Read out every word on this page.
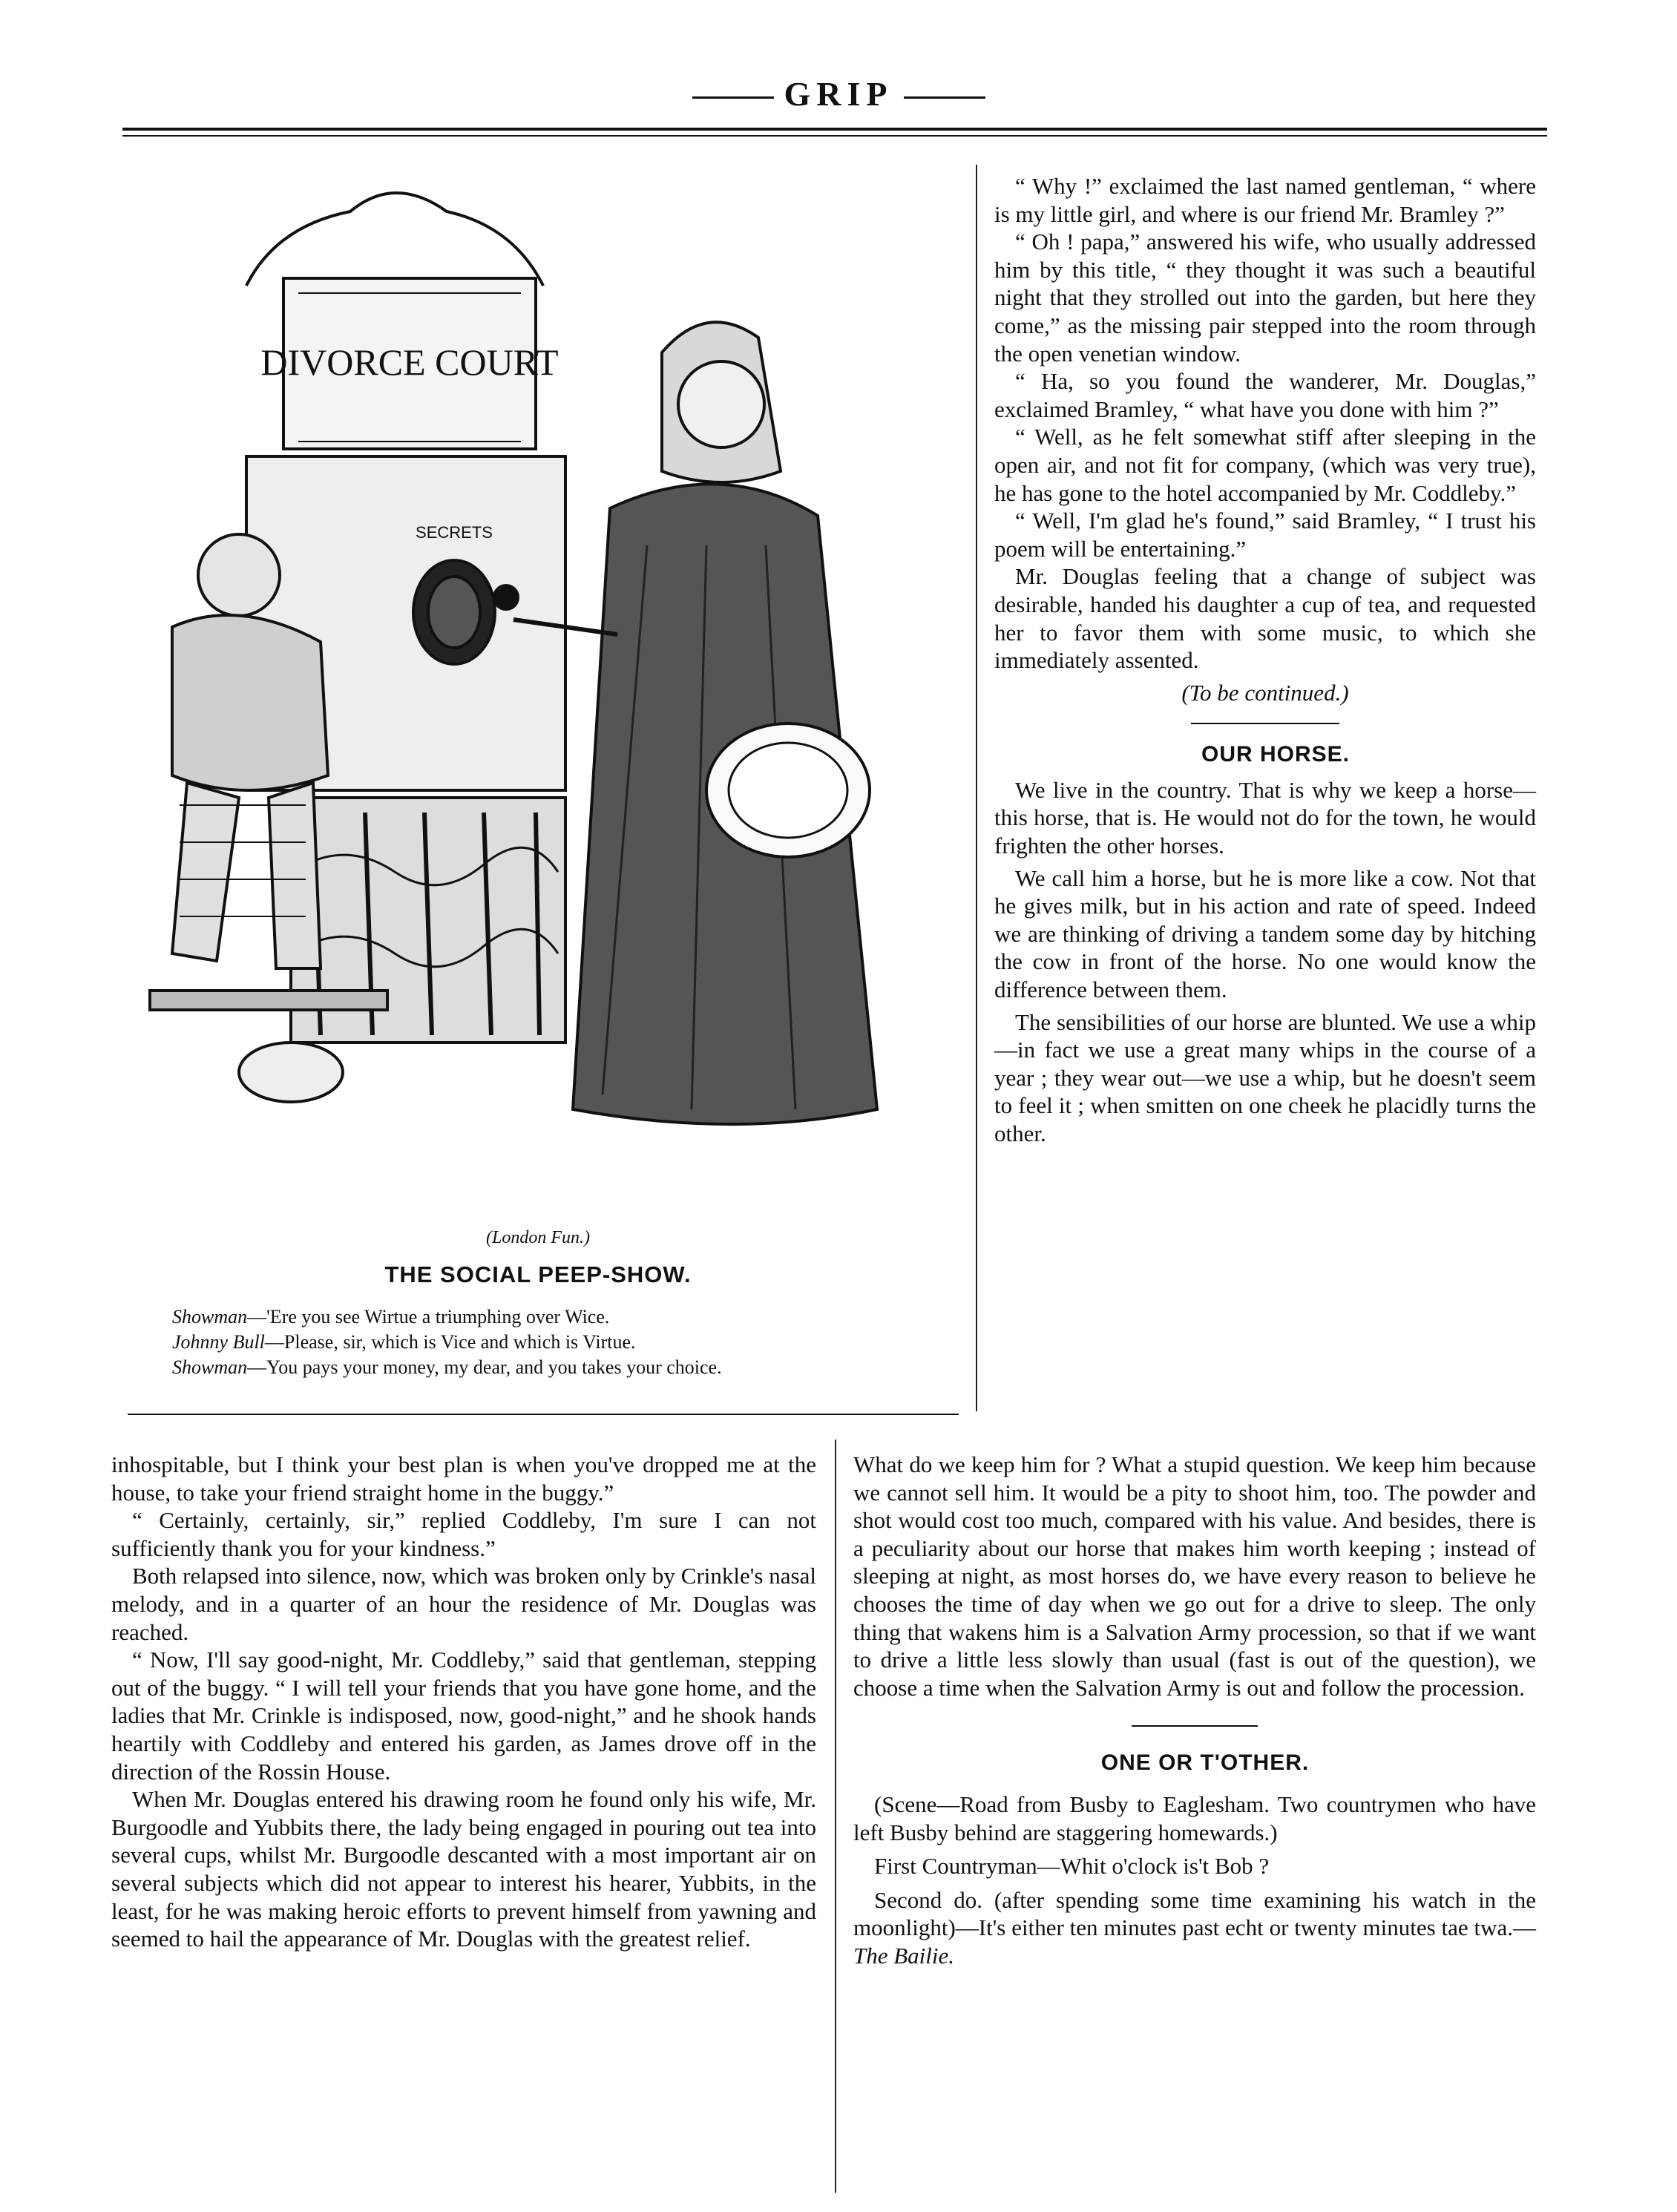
GRIP
DIVORCE COURT
SECRETS
(London Fun.)
THE SOCIAL PEEP-SHOW.
Showman—'Ere you see Wirtue a triumphing over Wice.
Johnny Bull—Please, sir, which is Vice and which is Virtue.
Showman—You pays your money, my dear, and you takes your choice.

“ Why !” exclaimed the last named gentleman, “ where is my little girl, and where is our friend Mr. Bramley ?”

“ Oh ! papa,” answered his wife, who usually addressed him by this title, “ they thought it was such a beautiful night that they strolled out into the garden, but here they come,” as the missing pair stepped into the room through the open venetian window.

“ Ha, so you found the wanderer, Mr. Douglas,” exclaimed Bramley, “ what have you done with him ?”

“ Well, as he felt somewhat stiff after sleeping in the open air, and not fit for company, (which was very true), he has gone to the hotel accompanied by Mr. Coddleby.”

“ Well, I'm glad he's found,” said Bramley, “ I trust his poem will be entertaining.”

Mr. Douglas feeling that a change of subject was desirable, handed his daughter a cup of tea, and requested her to favor them with some music, to which she immediately assented.

(To be continued.)

OUR HORSE.

We live in the country. That is why we keep a horse—this horse, that is. He would not do for the town, he would frighten the other horses.

We call him a horse, but he is more like a cow. Not that he gives milk, but in his action and rate of speed. Indeed we are thinking of driving a tandem some day by hitching the cow in front of the horse. No one would know the difference between them.

The sensibilities of our horse are blunted. We use a whip—in fact we use a great many whips in the course of a year ; they wear out—we use a whip, but he doesn't seem to feel it ; when smitten on one cheek he placidly turns the other.

inhospitable, but I think your best plan is when you've dropped me at the house, to take your friend straight home in the buggy.”

“ Certainly, certainly, sir,” replied Coddleby, I'm sure I can not sufficiently thank you for your kindness.”

Both relapsed into silence, now, which was broken only by Crinkle's nasal melody, and in a quarter of an hour the residence of Mr. Douglas was reached.

“ Now, I'll say good-night, Mr. Coddleby,” said that gentleman, stepping out of the buggy. “ I will tell your friends that you have gone home, and the ladies that Mr. Crinkle is indisposed, now, good-night,” and he shook hands heartily with Coddleby and entered his garden, as James drove off in the direction of the Rossin House.

When Mr. Douglas entered his drawing room he found only his wife, Mr. Burgoodle and Yubbits there, the lady being engaged in pouring out tea into several cups, whilst Mr. Burgoodle descanted with a most important air on several subjects which did not appear to interest his hearer, Yubbits, in the least, for he was making heroic efforts to prevent himself from yawning and seemed to hail the appearance of Mr. Douglas with the greatest relief.

What do we keep him for ? What a stupid question. We keep him because we cannot sell him. It would be a pity to shoot him, too. The powder and shot would cost too much, compared with his value. And besides, there is a peculiarity about our horse that makes him worth keeping ; instead of sleeping at night, as most horses do, we have every reason to believe he chooses the time of day when we go out for a drive to sleep. The only thing that wakens him is a Salvation Army procession, so that if we want to drive a little less slowly than usual (fast is out of the question), we choose a time when the Salvation Army is out and follow the procession.

ONE OR T'OTHER.

(Scene—Road from Busby to Eaglesham. Two countrymen who have left Busby behind are staggering homewards.)

First Countryman—Whit o'clock is't Bob ?

Second do. (after spending some time examining his watch in the moonlight)—It's either ten minutes past echt or twenty minutes tae twa.—The Bailie.
